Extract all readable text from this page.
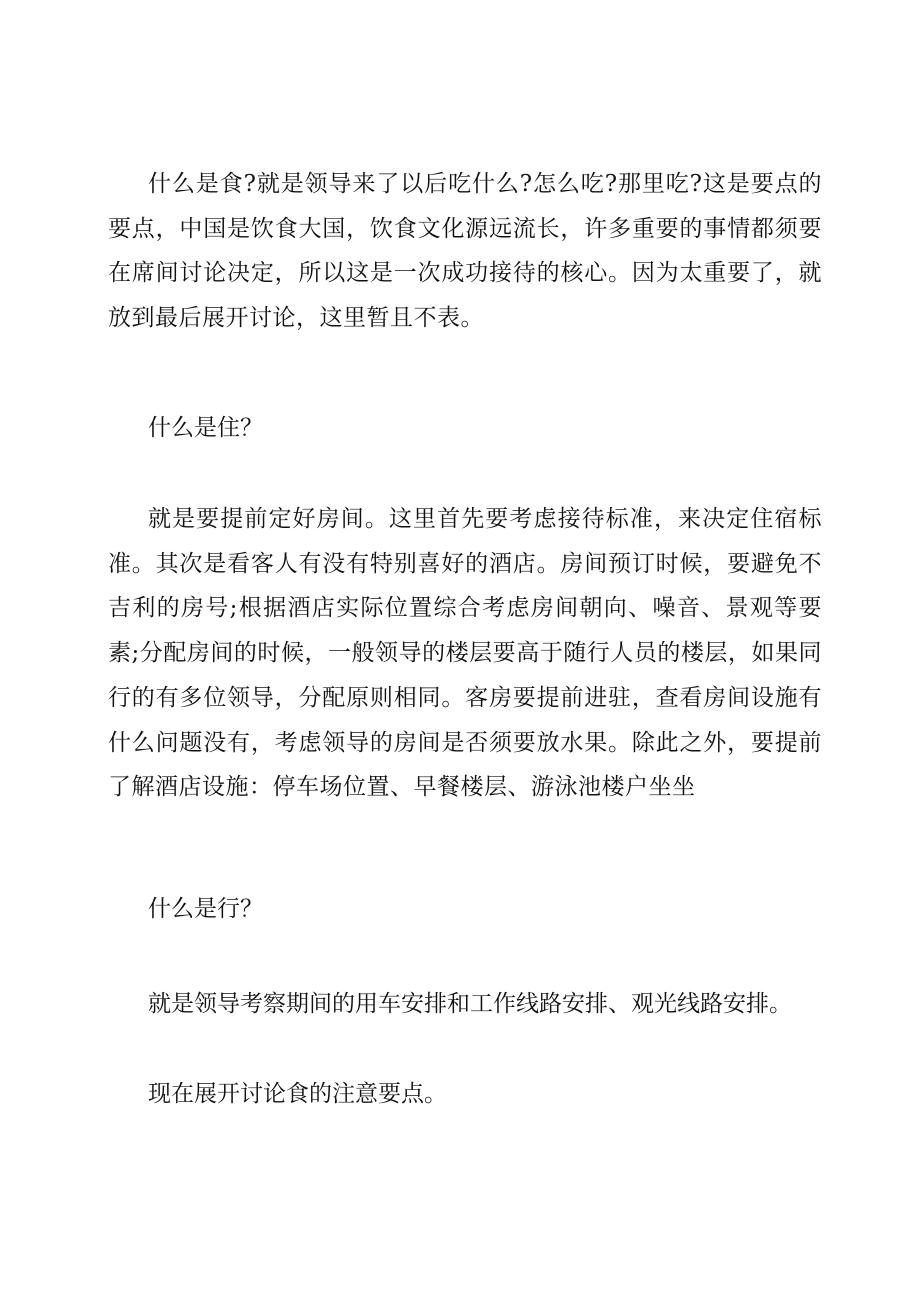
什么是食?就是领导来了以后吃什么?怎么吃?那里吃?这是要点的要点，中国是饮食大国，饮食文化源远流长，许多重要的事情都须要在席间讨论决定，所以这是一次成功接待的核心。因为太重要了，就放到最后展开讨论，这里暂且不表。

什么是住？

就是要提前定好房间。这里首先要考虑接待标准，来决定住宿标准。其次是看客人有没有特别喜好的酒店。房间预订时候，要避免不吉利的房号;根据酒店实际位置综合考虑房间朝向、噪音、景观等要素;分配房间的时候，一般领导的楼层要高于随行人员的楼层，如果同行的有多位领导，分配原则相同。客房要提前进驻，查看房间设施有什么问题没有，考虑领导的房间是否须要放水果。除此之外，要提前了解酒店设施：停车场位置、早餐楼层、游泳池楼户坐坐

什么是行？

就是领导考察期间的用车安排和工作线路安排、观光线路安排。

现在展开讨论食的注意要点。
